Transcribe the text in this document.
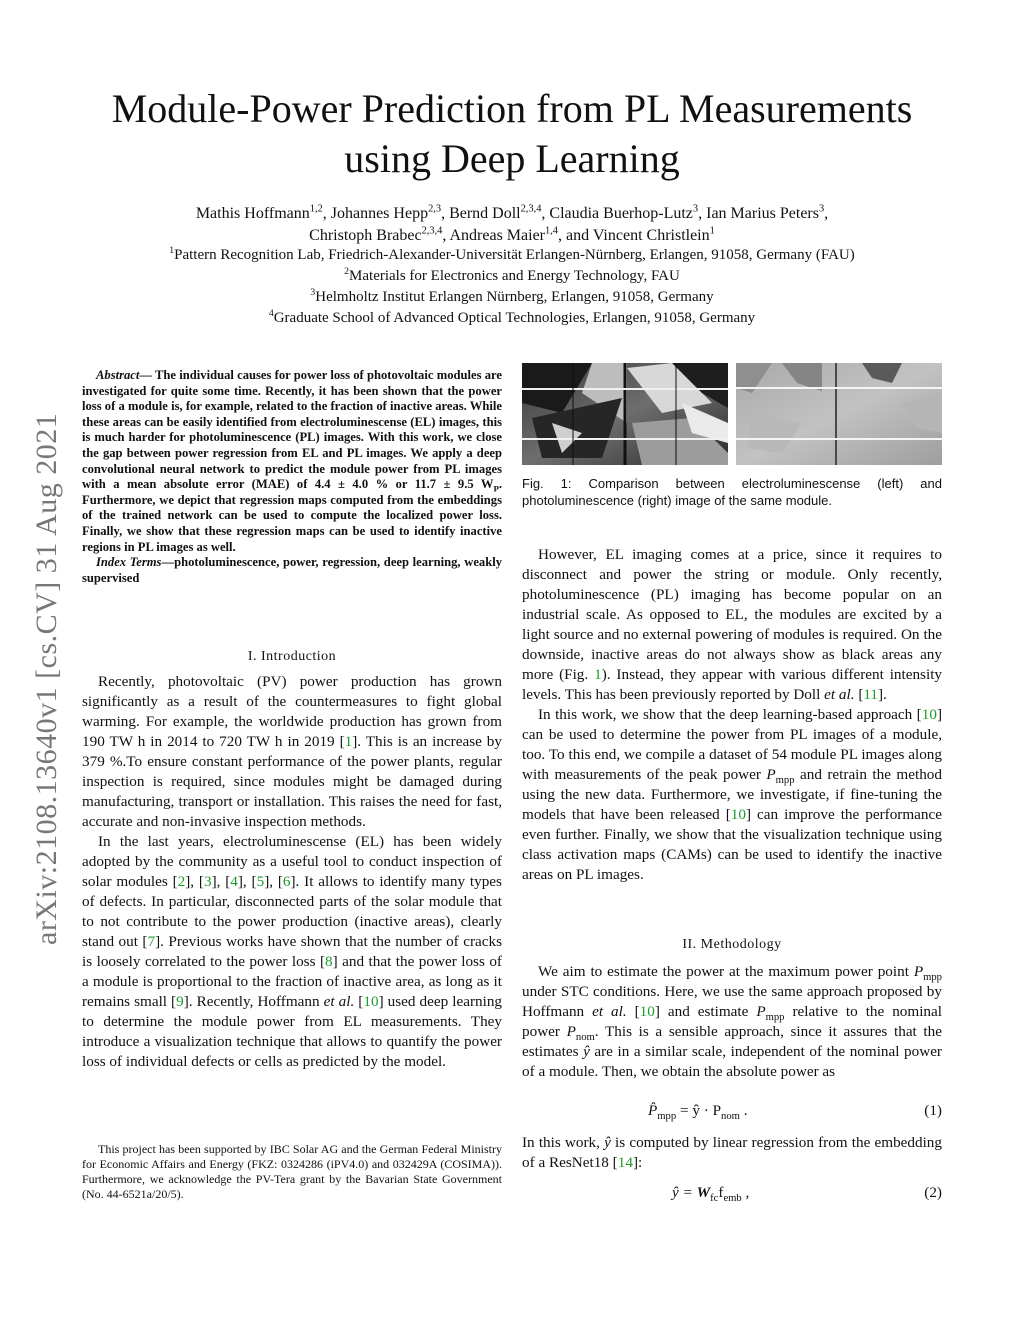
Module-Power Prediction from PL Measurements
using Deep Learning
Mathis Hoffmann$^{1,2}$, Johannes Hepp$^{2,3}$, Bernd Doll$^{2,3,4}$, Claudia Buerhop-Lutz$^3$, Ian Marius Peters$^3$,
Christoph Brabec$^{2,3,4}$, Andreas Maier$^{1,4}$, and Vincent Christlein$^1$
$^1$Pattern Recognition Lab, Friedrich-Alexander-Universität Erlangen-Nürnberg, Erlangen, 91058, Germany (FAU)
$^2$Materials for Electronics and Energy Technology, FAU
$^3$Helmholtz Institut Erlangen Nürnberg, Erlangen, 91058, Germany
$^4$Graduate School of Advanced Optical Technologies, Erlangen, 91058, Germany
arXiv:2108.13640v1 [cs.CV] 31 Aug 2021

Abstract— The individual causes for power loss of photovoltaic modules are investigated for quite some time. Recently, it has been shown that the power loss of a module is, for example, related to the fraction of inactive areas. While these areas can be easily identified from electroluminescense (EL) images, this is much harder for photoluminescence (PL) images. With this work, we close the gap between power regression from EL and PL images. We apply a deep convolutional neural network to predict the module power from PL images with a mean absolute error (MAE) of 4.4 ± 4.0 % or 11.7 ± 9.5 $W_P$. Furthermore, we depict that regression maps computed from the embeddings of the trained network can be used to compute the localized power loss. Finally, we show that these regression maps can be used to identify inactive regions in PL images as well.

Index Terms—photoluminescence, power, regression, deep learning, weakly supervised

I. Introduction

Recently, photovoltaic (PV) power production has grown significantly as a result of the countermeasures to fight global warming. For example, the worldwide production has grown from 190 TW h in 2014 to 720 TW h in 2019 [1]. This is an increase by 379 %.To ensure constant performance of the power plants, regular inspection is required, since modules might be damaged during manufacturing, transport or installation. This raises the need for fast, accurate and non-invasive inspection methods.

In the last years, electroluminescense (EL) has been widely adopted by the community as a useful tool to conduct inspection of solar modules [2], [3], [4], [5], [6]. It allows to identify many types of defects. In particular, disconnected parts of the solar module that to not contribute to the power production (inactive areas), clearly stand out [7]. Previous works have shown that the number of cracks is loosely correlated to the power loss [8] and that the power loss of a module is proportional to the fraction of inactive area, as long as it remains small [9]. Recently, Hoffmann et al. [10] used deep learning to determine the module power from EL measurements. They introduce a visualization technique that allows to quantify the power loss of individual defects or cells as predicted by the model.

This project has been supported by IBC Solar AG and the German Federal Ministry for Economic Affairs and Energy (FKZ: 0324286 (iPV4.0) and 032429A (COSIMA)). Furthermore, we acknowledge the PV-Tera grant by the Bavarian State Government (No. 44-6521a/20/5).
Fig. 1: Comparison between electroluminescense (left) and photoluminescence (right) image of the same module.

However, EL imaging comes at a price, since it requires to disconnect and power the string or module. Only recently, photoluminescence (PL) imaging has become popular on an industrial scale. As opposed to EL, the modules are excited by a light source and no external powering of modules is required. On the downside, inactive areas do not always show as black areas any more (Fig. 1). Instead, they appear with various different intensity levels. This has been previously reported by Doll et al. [11].

In this work, we show that the deep learning-based approach [10] can be used to determine the power from PL images of a module, too. To this end, we compile a dataset of 54 module PL images along with measurements of the peak power $P_{mpp}$ and retrain the method using the new data. Furthermore, we investigate, if fine-tuning the models that have been released [10] can improve the performance even further. Finally, we show that the visualization technique using class activation maps (CAMs) can be used to identify the inactive areas on PL images.

II. Methodology

We aim to estimate the power at the maximum power point $P_{mpp}$ under STC conditions. Here, we use the same approach proposed by Hoffmann et al. [10] and estimate $P_{mpp}$ relative to the nominal power $P_{nom}$. This is a sensible approach, since it assures that the estimates ŷ are in a similar scale, independent of the nominal power of a module. Then, we obtain the absolute power as

$P̂_{mpp}$ = ŷ · $P_{nom}$ .	(1)

In this work, ŷ is computed by linear regression from the embedding of a ResNet18 [14]:

ŷ = $W_{fc}f_{emb}$ ,	(2)
